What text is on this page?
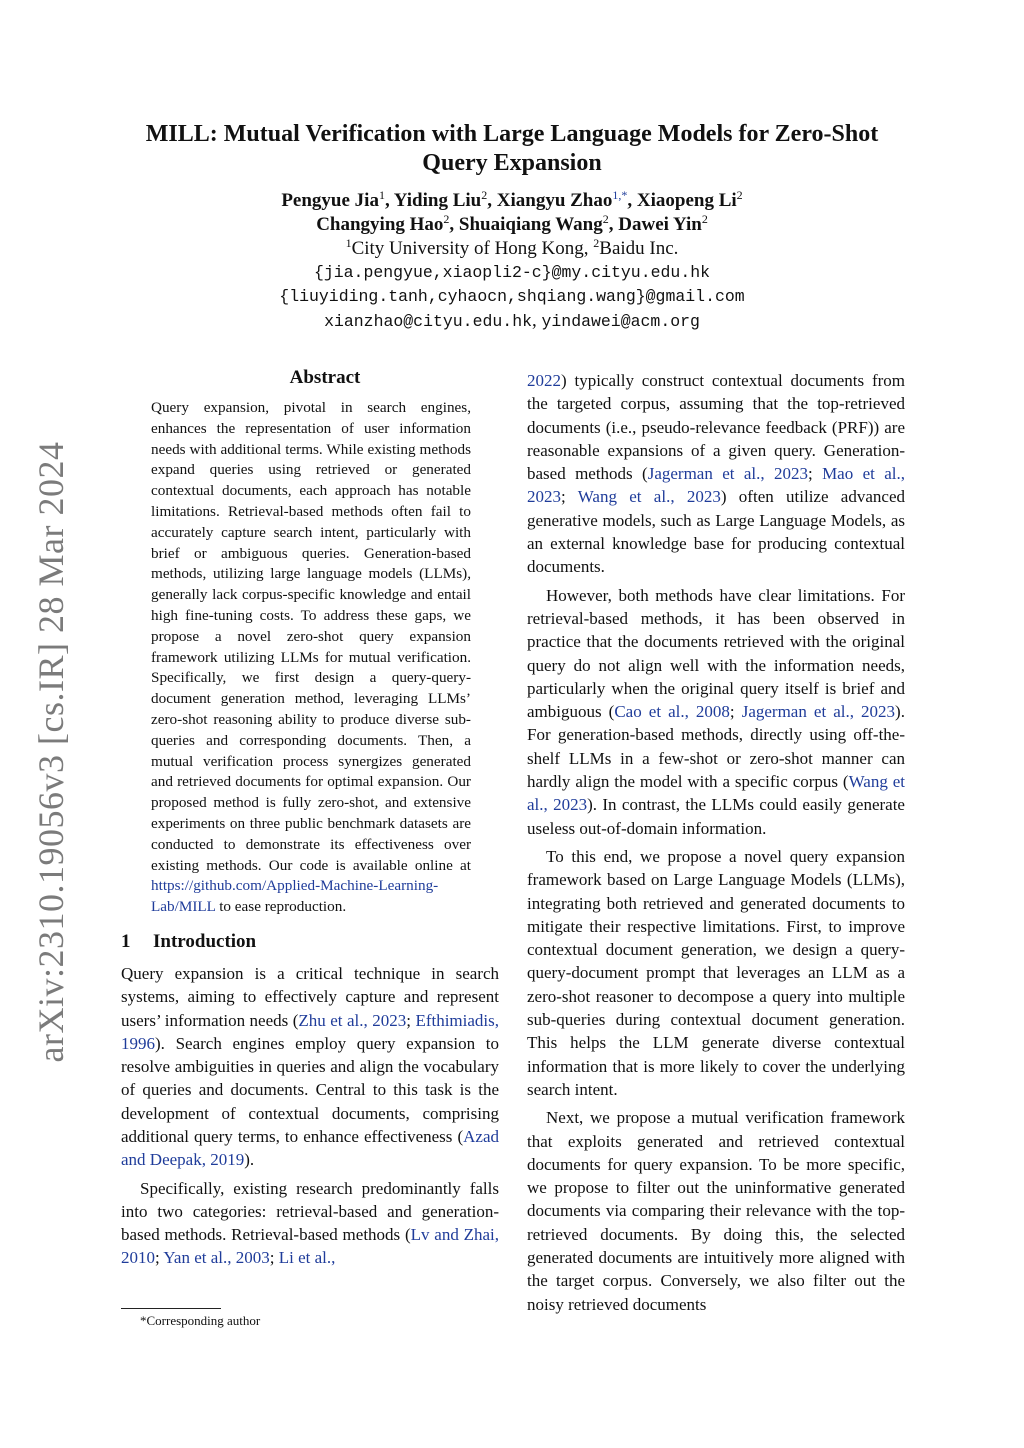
arXiv:2310.19056v3 [cs.IR] 28 Mar 2024
MILL: Mutual Verification with Large Language Models for Zero-Shot Query Expansion
Pengyue Jia$^1$, Yiding Liu$^2$, Xiangyu Zhao$^{1,*}$, Xiaopeng Li$^2$
Changying Hao$^2$, Shuaiqiang Wang$^2$, Dawei Yin$^2$
$^1$City University of Hong Kong, $^2$Baidu Inc.
{jia.pengyue,xiaopli2-c}@my.cityu.edu.hk
{liuyiding.tanh,cyhaocn,shqiang.wang}@gmail.com
xianzhao@cityu.edu.hk, yindawei@acm.org
Abstract
Query expansion, pivotal in search engines, enhances the representation of user information needs with additional terms. While existing methods expand queries using retrieved or generated contextual documents, each approach has notable limitations. Retrieval-based methods often fail to accurately capture search intent, particularly with brief or ambiguous queries. Generation-based methods, utilizing large language models (LLMs), generally lack corpus-specific knowledge and entail high fine-tuning costs. To address these gaps, we propose a novel zero-shot query expansion framework utilizing LLMs for mutual verification. Specifically, we first design a query-query-document generation method, leveraging LLMs’ zero-shot reasoning ability to produce diverse sub-queries and corresponding documents. Then, a mutual verification process synergizes generated and retrieved documents for optimal expansion. Our proposed method is fully zero-shot, and extensive experiments on three public benchmark datasets are conducted to demonstrate its effectiveness over existing methods. Our code is available online at https://github.com/Applied-Machine-Learning-Lab/MILL to ease reproduction.
1 Introduction

Query expansion is a critical technique in search systems, aiming to effectively capture and represent users’ information needs (Zhu et al., 2023; Efthimiadis, 1996). Search engines employ query expansion to resolve ambiguities in queries and align the vocabulary of queries and documents. Central to this task is the development of contextual documents, comprising additional query terms, to enhance effectiveness (Azad and Deepak, 2019).

Specifically, existing research predominantly falls into two categories: retrieval-based and generation-based methods. Retrieval-based methods (Lv and Zhai, 2010; Yan et al., 2003; Li et al.,

2022) typically construct contextual documents from the targeted corpus, assuming that the top-retrieved documents (i.e., pseudo-relevance feedback (PRF)) are reasonable expansions of a given query. Generation-based methods (Jagerman et al., 2023; Mao et al., 2023; Wang et al., 2023) often utilize advanced generative models, such as Large Language Models, as an external knowledge base for producing contextual documents.

However, both methods have clear limitations. For retrieval-based methods, it has been observed in practice that the documents retrieved with the original query do not align well with the information needs, particularly when the original query itself is brief and ambiguous (Cao et al., 2008; Jagerman et al., 2023). For generation-based methods, directly using off-the-shelf LLMs in a few-shot or zero-shot manner can hardly align the model with a specific corpus (Wang et al., 2023). In contrast, the LLMs could easily generate useless out-of-domain information.

To this end, we propose a novel query expansion framework based on Large Language Models (LLMs), integrating both retrieved and generated documents to mitigate their respective limitations. First, to improve contextual document generation, we design a query-query-document prompt that leverages an LLM as a zero-shot reasoner to decompose a query into multiple sub-queries during contextual document generation. This helps the LLM generate diverse contextual information that is more likely to cover the underlying search intent.

Next, we propose a mutual verification framework that exploits generated and retrieved contextual documents for query expansion. To be more specific, we propose to filter out the uninformative generated documents via comparing their relevance with the top-retrieved documents. By doing this, the selected generated documents are intuitively more aligned with the target corpus. Conversely, we also filter out the noisy retrieved documents

*Corresponding author
